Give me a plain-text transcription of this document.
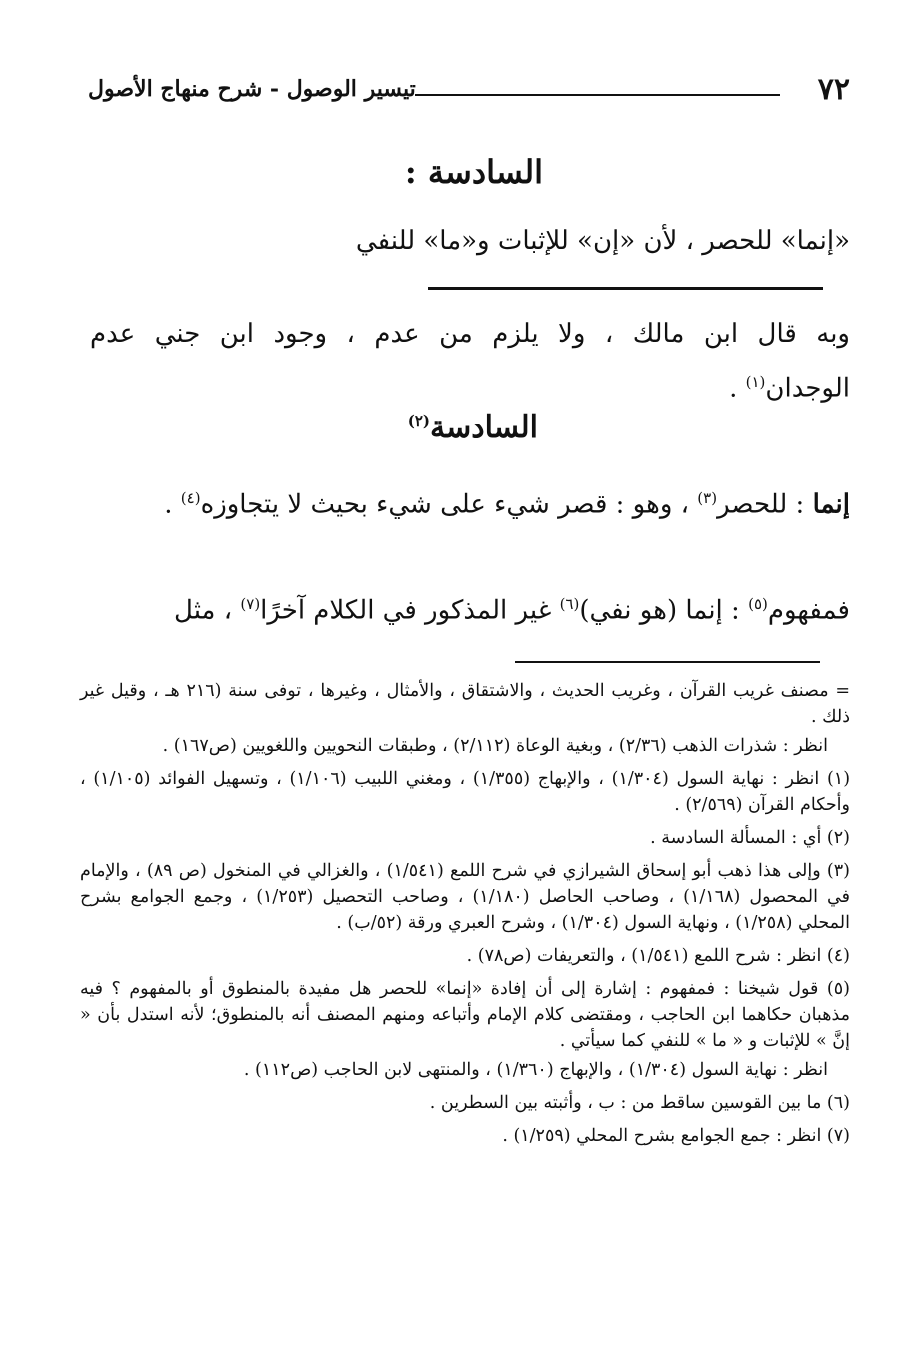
٧٢
تيسير الوصول - شرح منهاج الأصول
السادسة :
«إنما» للحصر ، لأن «إن» للإثبات و«ما» للنفي
وبه قال ابن مالك ، ولا يلزم من عدم ، وجود ابن جني عدم
الوجدان$^{(١)}$ .
السادسة$^{(٢)}$
إنما : للحصر$^{(٣)}$ ، وهو : قصر شيء على شيء بحيث لا يتجاوزه$^{(٤)}$ .
فمفهوم$^{(٥)}$ : إنما (هو نفي)$^{(٦)}$ غير المذكور في الكلام آخرًا$^{(٧)}$ ، مثل
= مصنف غريب القرآن ، وغريب الحديث ، والاشتقاق ، والأمثال ، وغيرها ، توفى سنة (٢١٦ هـ ، وقيل غير ذلك .
انظر : شذرات الذهب (٢/٣٦) ، وبغية الوعاة (٢/١١٢) ، وطبقات النحويين واللغويين (ص١٦٧) .
(١) انظر : نهاية السول (١/٣٠٤) ، والإبهاج (١/٣٥٥) ، ومغني اللبيب (١/١٠٦) ، وتسهيل الفوائد (١/١٠٥) ، وأحكام القرآن (٢/٥٦٩) .
(٢) أي : المسألة السادسة .
(٣) وإلى هذا ذهب أبو إسحاق الشيرازي في شرح اللمع (١/٥٤١) ، والغزالي في المنخول (ص ٨٩) ، والإمام في المحصول (١/١٦٨) ، وصاحب الحاصل (١/١٨٠) ، وصاحب التحصيل (١/٢٥٣) ، وجمع الجوامع بشرح المحلي (١/٢٥٨) ، ونهاية السول (١/٣٠٤) ، وشرح العبري ورقة (٥٢/ب) .
(٤) انظر : شرح اللمع (١/٥٤١) ، والتعريفات (ص٧٨) .
(٥) قول شيخنا : فمفهوم : إشارة إلى أن إفادة «إنما» للحصر هل مفيدة بالمنطوق أو بالمفهوم ؟ فيه مذهبان حكاهما ابن الحاجب ، ومقتضى كلام الإمام وأتباعه ومنهم المصنف أنه بالمنطوق؛ لأنه استدل بأن « إنَّ » للإثبات و « ما » للنفي كما سيأتي .
انظر : نهاية السول (١/٣٠٤) ، والإبهاج (١/٣٦٠) ، والمنتهى لابن الحاجب (ص١١٢) .
(٦) ما بين القوسين ساقط من : ب ، وأثبته بين السطرين .
(٧) انظر : جمع الجوامع بشرح المحلي (١/٢٥٩) .
